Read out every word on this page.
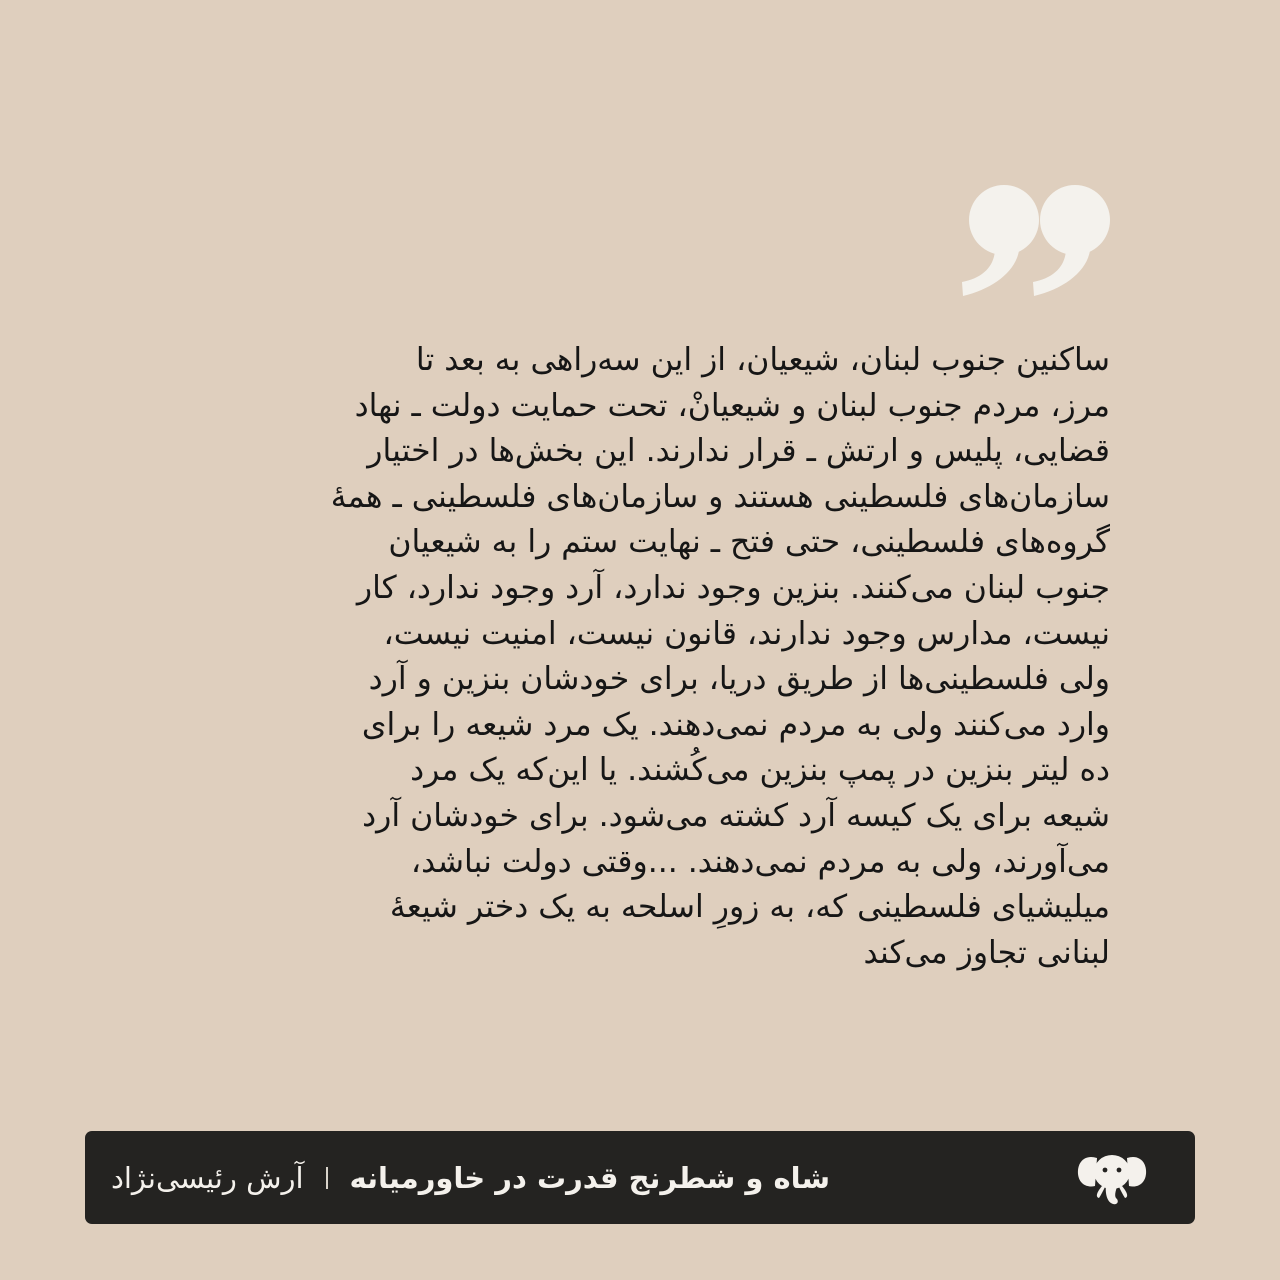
ساکنین جنوب لبنان، شیعیان، از این سه‌راهی به بعد تا
مرز، مردم جنوب لبنان و شیعیانْ، تحت حمایت دولت ـ نهاد
قضایی، پلیس و ارتش ـ قرار ندارند. این بخش‌ها در اختیار
سازمان‌های فلسطینی هستند و سازمان‌های فلسطینی ـ همهٔ
گروه‌های فلسطینی، حتی فتح ـ نهایت ستم را به شیعیان
جنوب لبنان می‌کنند. بنزین وجود ندارد، آرد وجود ندارد، کار
نیست، مدارس وجود ندارند، قانون نیست، امنیت نیست،
ولی فلسطینی‌ها از طریق دریا، برای خودشان بنزین و آرد
وارد می‌کنند ولی به مردم نمی‌دهند. یک مرد شیعه را برای
ده لیتر بنزین در پمپ بنزین می‌کُشند. یا این‌که یک مرد
شیعه برای یک کیسه آرد کشته می‌شود. برای خودشان آرد
می‌آورند، ولی به مردم نمی‌دهند. ...وقتی دولت نباشد،
میلیشیای فلسطینی که، به زورِ اسلحه به یک دختر شیعهٔ
لبنانی تجاوز می‌کند

شاه و شطرنج قدرت در خاورمیانه
آرش رئیسی‌نژاد
